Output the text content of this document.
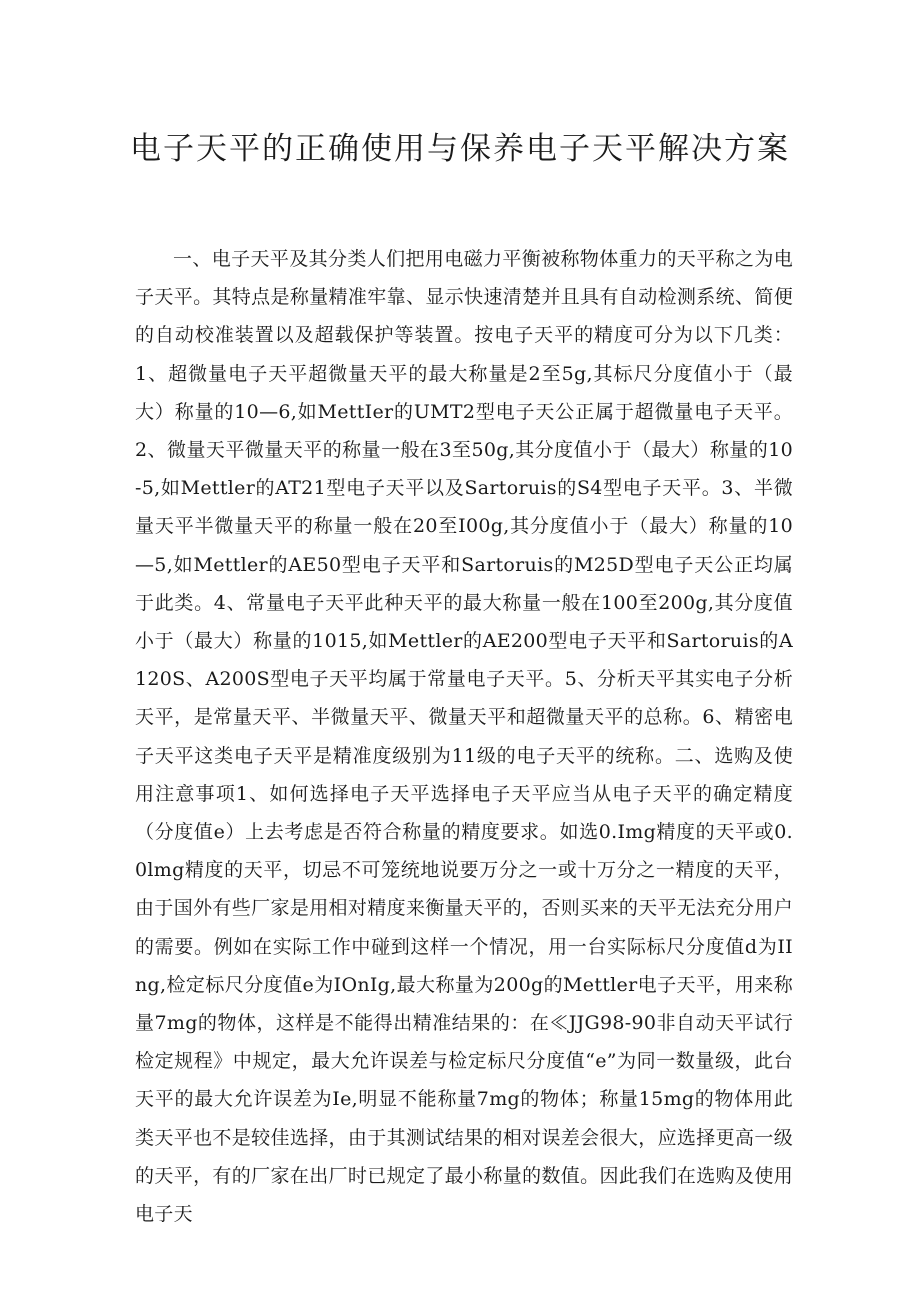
电子天平的正确使用与保养电子天平解决方案

一、电子天平及其分类人们把用电磁力平衡被称物体重力的天平称之为电子天平。其特点是称量精准牢靠、显示快速清楚并且具有自动检测系统、简便的自动校准装置以及超载保护等装置。按电子天平的精度可分为以下几类：1、超微量电子天平超微量天平的最大称量是2至5g,其标尺分度值小于（最大）称量的10—6,如MettIer的UMT2型电子天公正属于超微量电子天平。2、微量天平微量天平的称量一般在3至50g,其分度值小于（最大）称量的10-5,如Mettler的AT21型电子天平以及Sartoruis的S4型电子天平。3、半微量天平半微量天平的称量一般在20至I00g,其分度值小于（最大）称量的10—5,如Mettler的AE50型电子天平和Sartoruis的M25D型电子天公正均属于此类。4、常量电子天平此种天平的最大称量一般在100至200g,其分度值小于（最大）称量的1015,如Mettler的AE200型电子天平和Sartoruis的A120S、A200S型电子天平均属于常量电子天平。5、分析天平其实电子分析天平，是常量天平、半微量天平、微量天平和超微量天平的总称。6、精密电子天平这类电子天平是精准度级别为11级的电子天平的统称。二、选购及使用注意事项1、如何选择电子天平选择电子天平应当从电子天平的确定精度（分度值e）上去考虑是否符合称量的精度要求。如选0.Img精度的天平或0.0lmg精度的天平，切忌不可笼统地说要万分之一或十万分之一精度的天平，由于国外有些厂家是用相对精度来衡量天平的，否则买来的天平无法充分用户的需要。例如在实际工作中碰到这样一个情况，用一台实际标尺分度值d为IIng,检定标尺分度值e为IOnIg,最大称量为200g的Mettler电子天平，用来称量7mg的物体，这样是不能得出精准结果的：在≪JJG98-90非自动天平试行检定规程》中规定，最大允许误差与检定标尺分度值“e”为同一数量级，此台天平的最大允许误差为Ie,明显不能称量7mg的物体；称量15mg的物体用此类天平也不是较佳选择，由于其测试结果的相对误差会很大，应选择更高一级的天平，有的厂家在出厂时已规定了最小称量的数值。因此我们在选购及使用电子天
